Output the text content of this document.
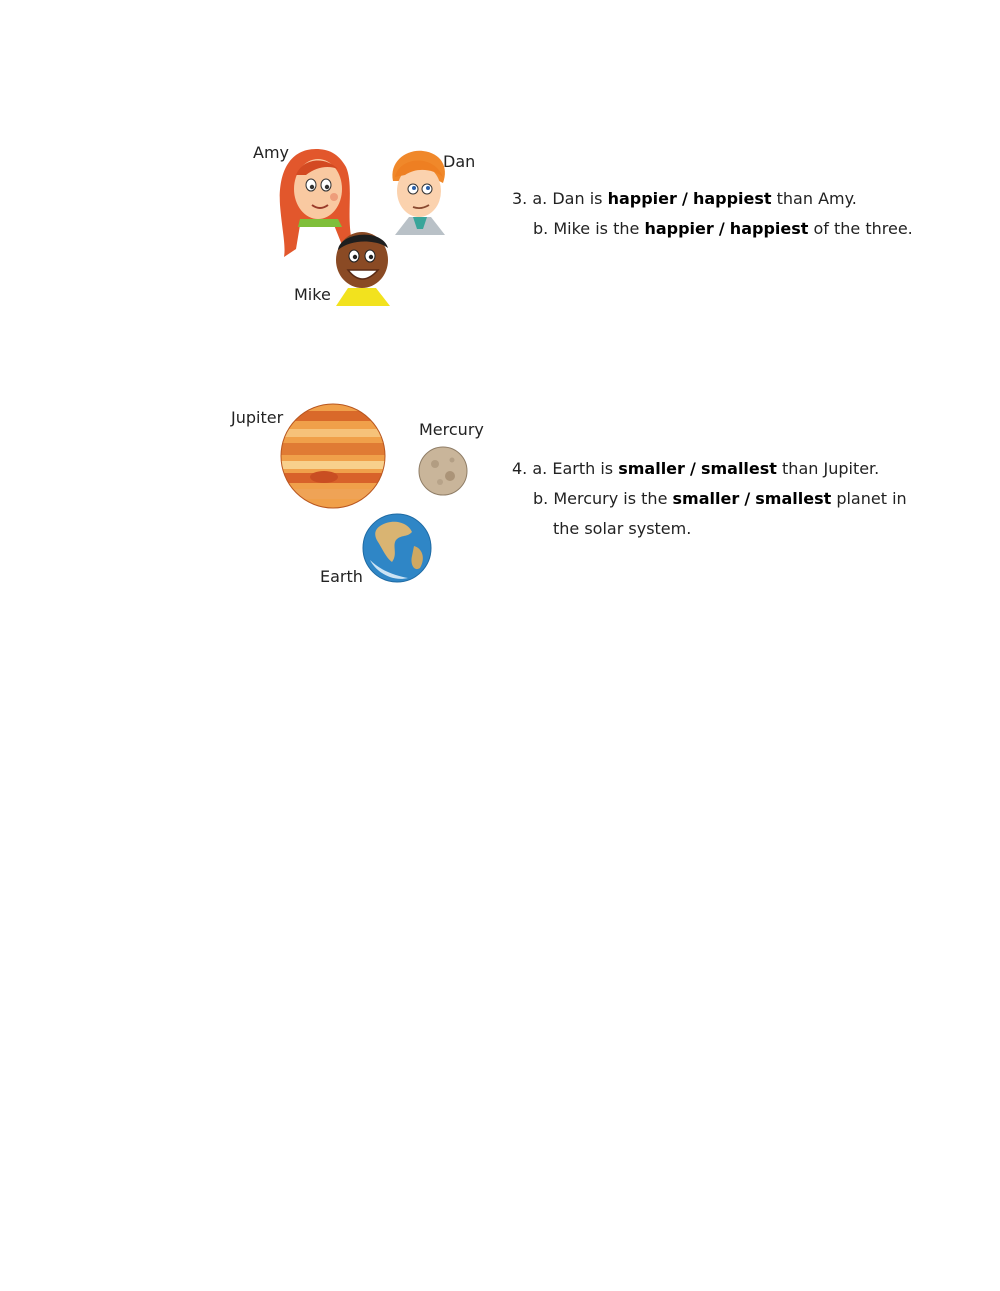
Amy	Dan
Mike
3. a. Dan is happier / happiest than Amy.
b. Mike is the happier / happiest of the three.
Jupiter
Mercury
Earth
4. a. Earth is smaller / smallest than Jupiter.
b. Mercury is the smaller / smallest planet in
the solar system.
